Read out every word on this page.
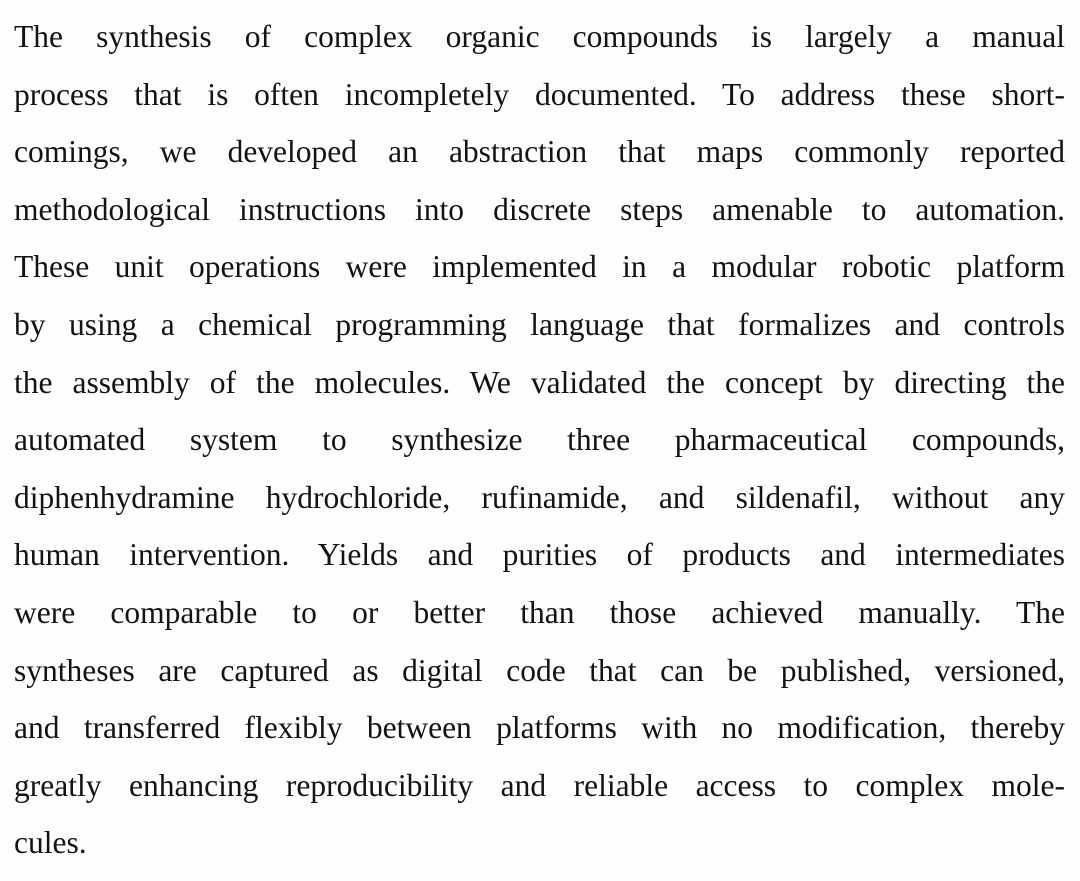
The synthesis of complex organic compounds is largely a manual

process that is often incompletely documented. To address these short-

comings, we developed an abstraction that maps commonly reported

methodological instructions into discrete steps amenable to automation.

These unit operations were implemented in a modular robotic platform

by using a chemical programming language that formalizes and controls

the assembly of the molecules. We validated the concept by directing the

automated system to synthesize three pharmaceutical compounds,

diphenhydramine hydrochloride, rufinamide, and sildenafil, without any

human intervention. Yields and purities of products and intermediates

were comparable to or better than those achieved manually. The

syntheses are captured as digital code that can be published, versioned,

and transferred flexibly between platforms with no modification, thereby

greatly enhancing reproducibility and reliable access to complex mole-

cules.
